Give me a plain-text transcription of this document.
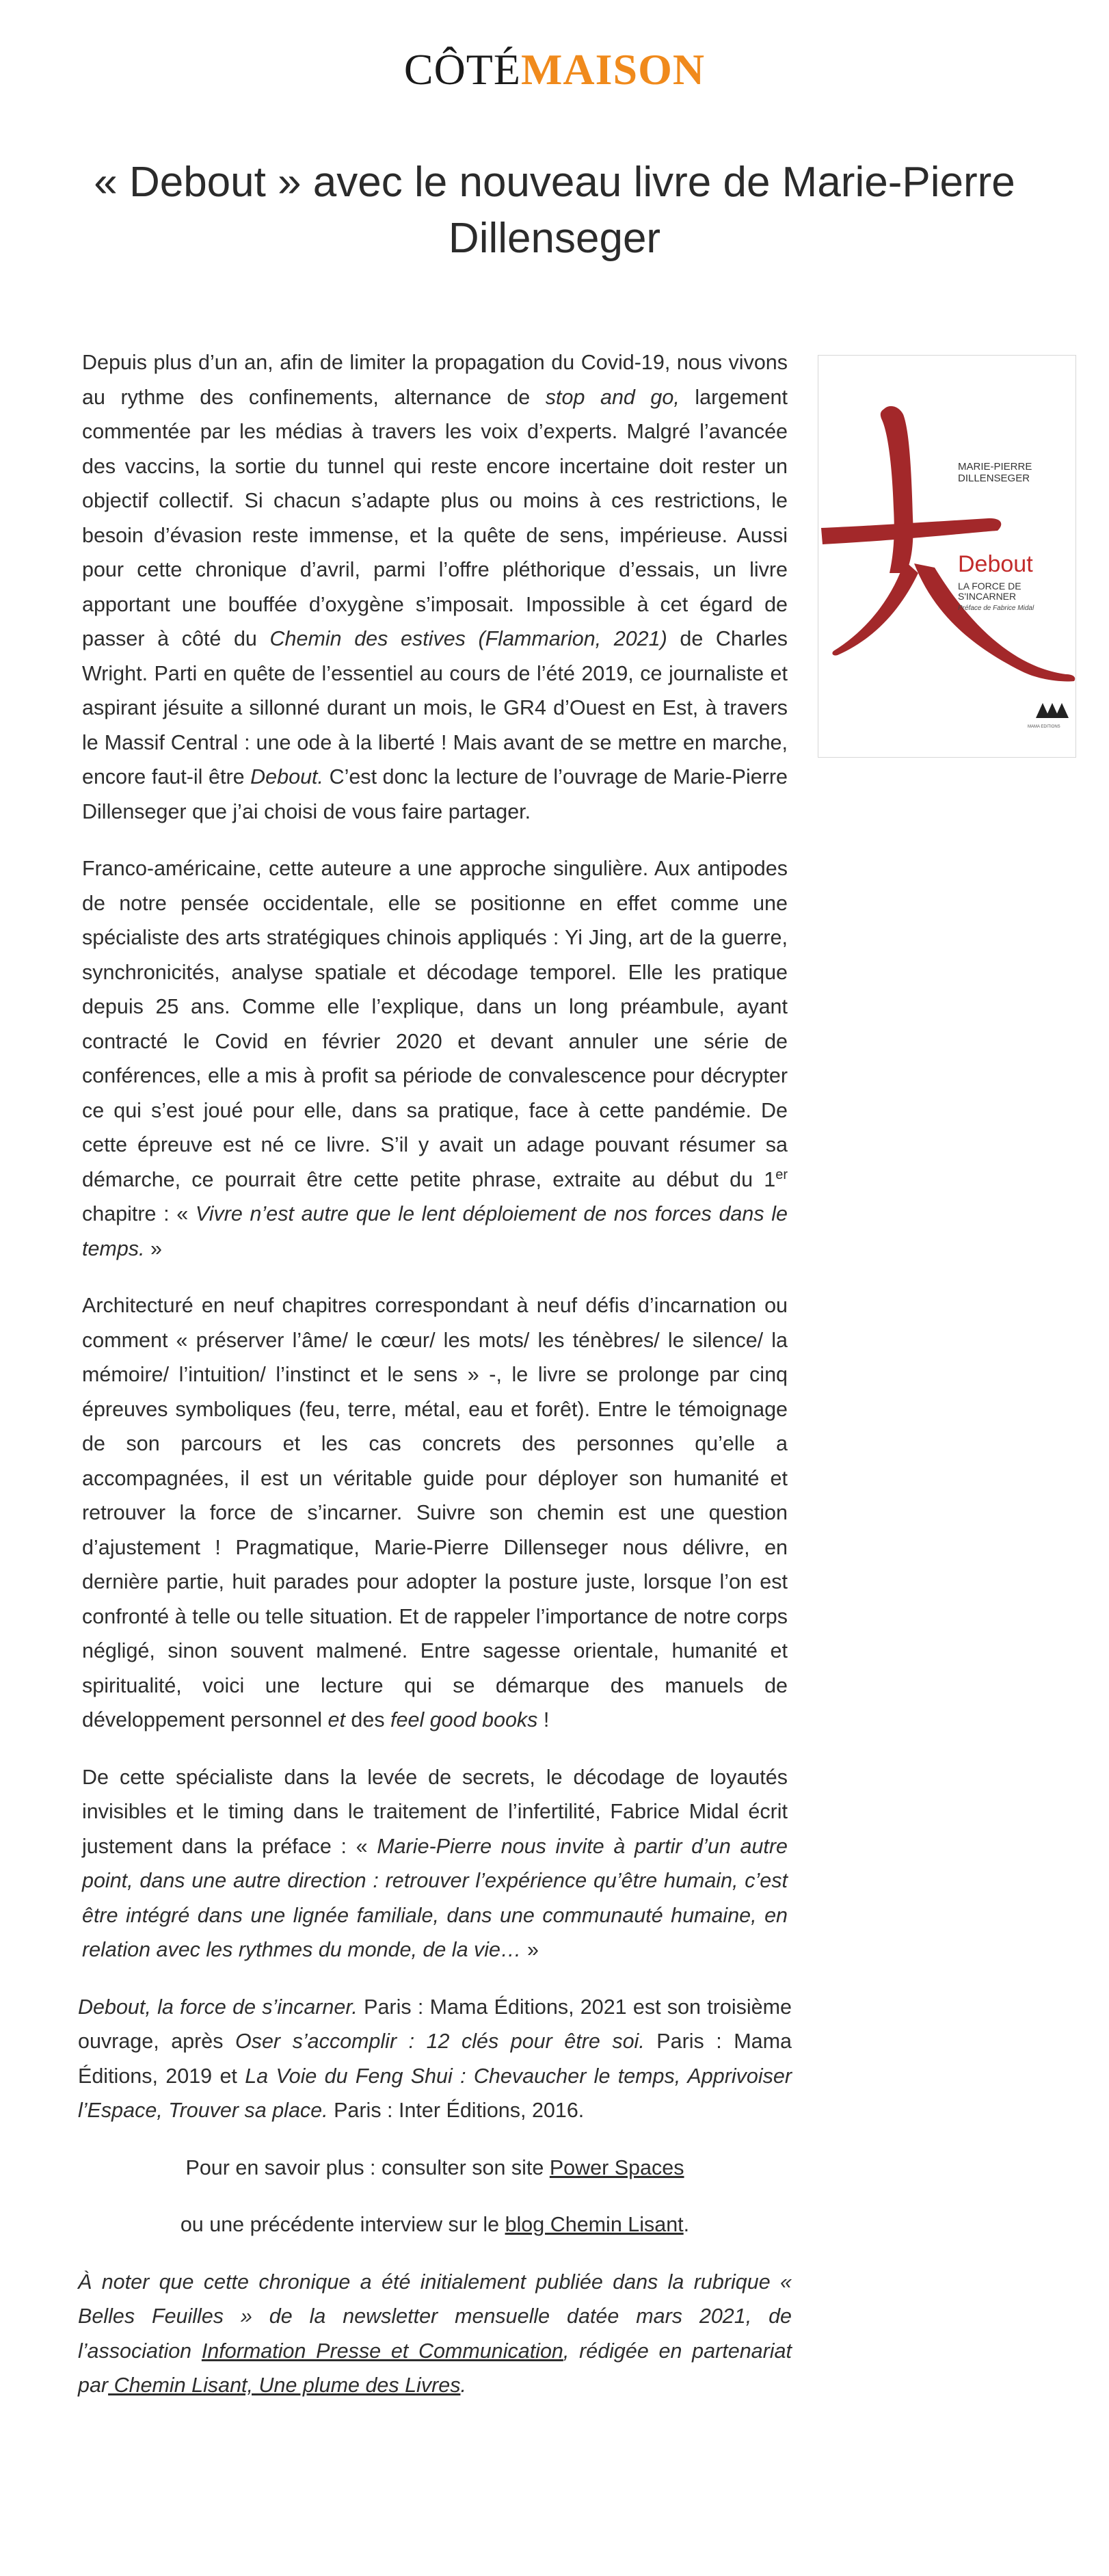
CÔTÉMAISON
« Debout » avec le nouveau livre de Marie-Pierre Dillenseger
MARIE-PIERRE DILLENSEGER
Debout
LA FORCE DE S'INCARNER
Préface de Fabrice Midal
MAMA EDITIONS

Depuis plus d’un an, afin de limiter la propagation du Covid-19, nous vivons au rythme des confinements, alternance de stop and go, largement commentée par les médias à travers les voix d’experts. Malgré l’avancée des vaccins, la sortie du tunnel qui reste encore incertaine doit rester un objectif collectif. Si chacun s’adapte plus ou moins à ces restrictions, le besoin d’évasion reste immense, et la quête de sens, impérieuse. Aussi pour cette chronique d’avril, parmi l’offre pléthorique d’essais, un livre apportant une bouffée d’oxygène s’imposait. Impossible à cet égard de passer à côté du Chemin des estives (Flammarion, 2021) de Charles Wright. Parti en quête de l’essentiel au cours de l’été 2019, ce journaliste et aspirant jésuite a sillonné durant un mois, le GR4 d’Ouest en Est, à travers le Massif Central : une ode à la liberté ! Mais avant de se mettre en marche, encore faut-il être Debout. C’est donc la lecture de l’ouvrage de Marie-Pierre Dillenseger que j’ai choisi de vous faire partager.

Franco-américaine, cette auteure a une approche singulière. Aux antipodes de notre pensée occidentale, elle se positionne en effet comme une spécialiste des arts stratégiques chinois appliqués : Yi Jing, art de la guerre, synchronicités, analyse spatiale et décodage temporel. Elle les pratique depuis 25 ans. Comme elle l’explique, dans un long préambule, ayant contracté le Covid en février 2020 et devant annuler une série de conférences, elle a mis à profit sa période de convalescence pour décrypter ce qui s’est joué pour elle, dans sa pratique, face à cette pandémie. De cette épreuve est né ce livre. S’il y avait un adage pouvant résumer sa démarche, ce pourrait être cette petite phrase, extraite au début du 1er chapitre : « Vivre n’est autre que le lent déploiement de nos forces dans le temps. »

Architecturé en neuf chapitres correspondant à neuf défis d’incarnation ou comment « préserver l’âme/ le cœur/ les mots/ les ténèbres/ le silence/ la mémoire/ l’intuition/ l’instinct et le sens » -, le livre se prolonge par cinq épreuves symboliques (feu, terre, métal, eau et forêt). Entre le témoignage de son parcours et les cas concrets des personnes qu’elle a accompagnées, il est un véritable guide pour déployer son humanité et retrouver la force de s’incarner. Suivre son chemin est une question d’ajustement ! Pragmatique, Marie-Pierre Dillenseger nous délivre, en dernière partie, huit parades pour adopter la posture juste, lorsque l’on est confronté à telle ou telle situation. Et de rappeler l’importance de notre corps négligé, sinon souvent malmené. Entre sagesse orientale, humanité et spiritualité, voici une lecture qui se démarque des manuels de développement personnel et des feel good books !

De cette spécialiste dans la levée de secrets, le décodage de loyautés invisibles et le timing dans le traitement de l’infertilité, Fabrice Midal écrit justement dans la préface : « Marie-Pierre nous invite à partir d’un autre point, dans une autre direction : retrouver l’expérience qu’être humain, c’est être intégré dans une lignée familiale, dans une communauté humaine, en relation avec les rythmes du monde, de la vie… »

Debout, la force de s’incarner. Paris : Mama Éditions, 2021 est son troisième ouvrage, après Oser s’accomplir : 12 clés pour être soi. Paris : Mama Éditions, 2019 et La Voie du Feng Shui : Chevaucher le temps, Apprivoiser l’Espace, Trouver sa place. Paris : Inter Éditions, 2016.

Pour en savoir plus : consulter son site Power Spaces

ou une précédente interview sur le blog Chemin Lisant.

À noter que cette chronique a été initialement publiée dans la rubrique « Belles Feuilles » de la newsletter mensuelle datée mars 2021, de l’association Information Presse et Communication, rédigée en partenariat par Chemin Lisant, Une plume des Livres.
